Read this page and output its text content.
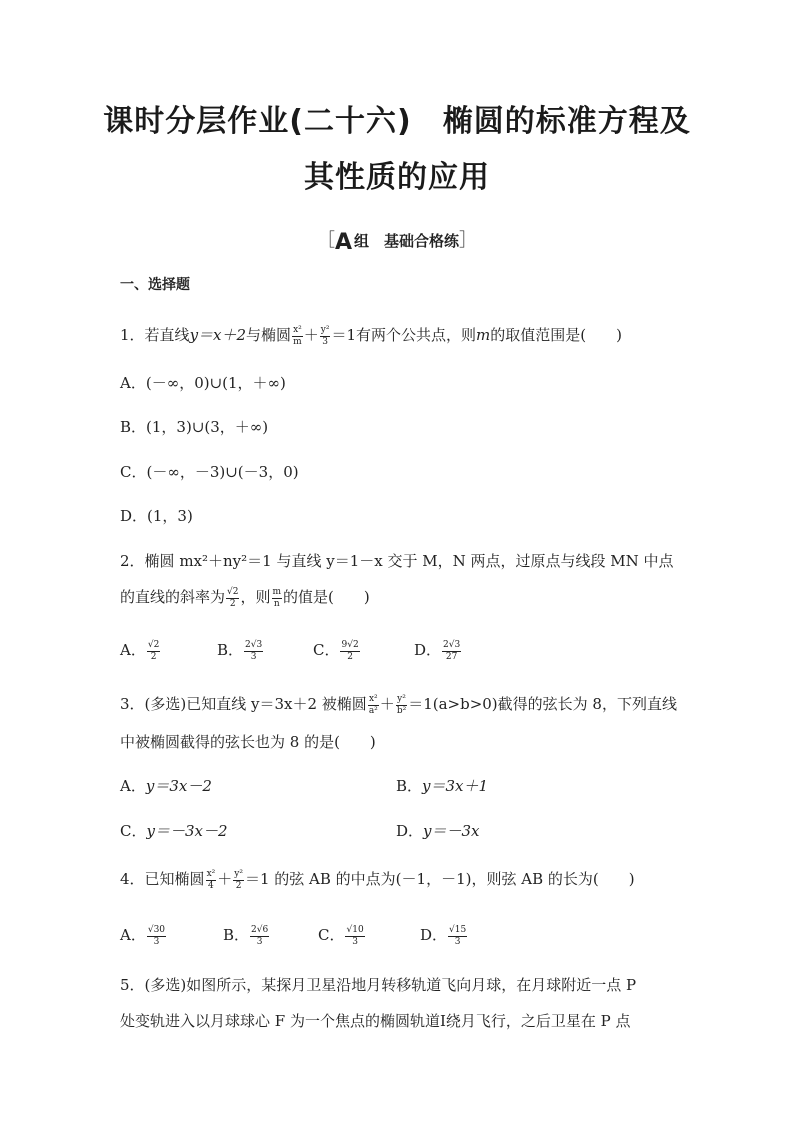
课时分层作业(二十六)　椭圆的标准方程及
其性质的应用
［A 组　基础合格练］
一、选择题
1．若直线y＝x＋2与椭圆 $\frac{\text{x²}}{m} + \frac{\text{y²}}{3} =1$有两个公共点，则m的取值范围是(　　)
A．(－∞，0)∪(1，＋∞)
B．(1，3)∪(3，＋∞)
C．(－∞，－3)∪(－3，0)
D．(1，3)
2．椭圆 mx²＋ny²＝1 与直线 y＝1－x 交于 M，N 两点，过原点与线段 MN 中点
的直线的斜率为 $\frac{√2}{2}$ ，则 $\frac{m}{n}$ 的值是(　　)
A． $\frac{√2}{2}$	B． $\frac{2√3}{3}$	C． $\frac{9√2}{2}$	D． $\frac{2√3}{27}$
3．(多选)已知直线 y＝3x＋2 被椭圆 $\frac{\text{x²}}{\text{a²}} + \frac{\text{y²}}{\text{b²}} =1(a>b>0)$截得的弦长为 8，下列直线
中被椭圆截得的弦长也为 8 的是(　　)
A．y＝3x－2	B．y＝3x＋1
C．y＝－3x－2	D．y＝－3x
4．已知椭圆 $\frac{\text{x²}}{4} + \frac{\text{y²}}{2} =1$ 的弦 AB 的中点为(－1，－1)，则弦 AB 的长为(　　)
A． $\frac{√30}{3}$	B． $\frac{2√6}{3}$	C． $\frac{√10}{3}$	D． $\frac{√15}{3}$
5．(多选)如图所示，某探月卫星沿地月转移轨道飞向月球，在月球附近一点 P
处变轨进入以月球球心 F 为一个焦点的椭圆轨道Ⅰ绕月飞行，之后卫星在 P 点
